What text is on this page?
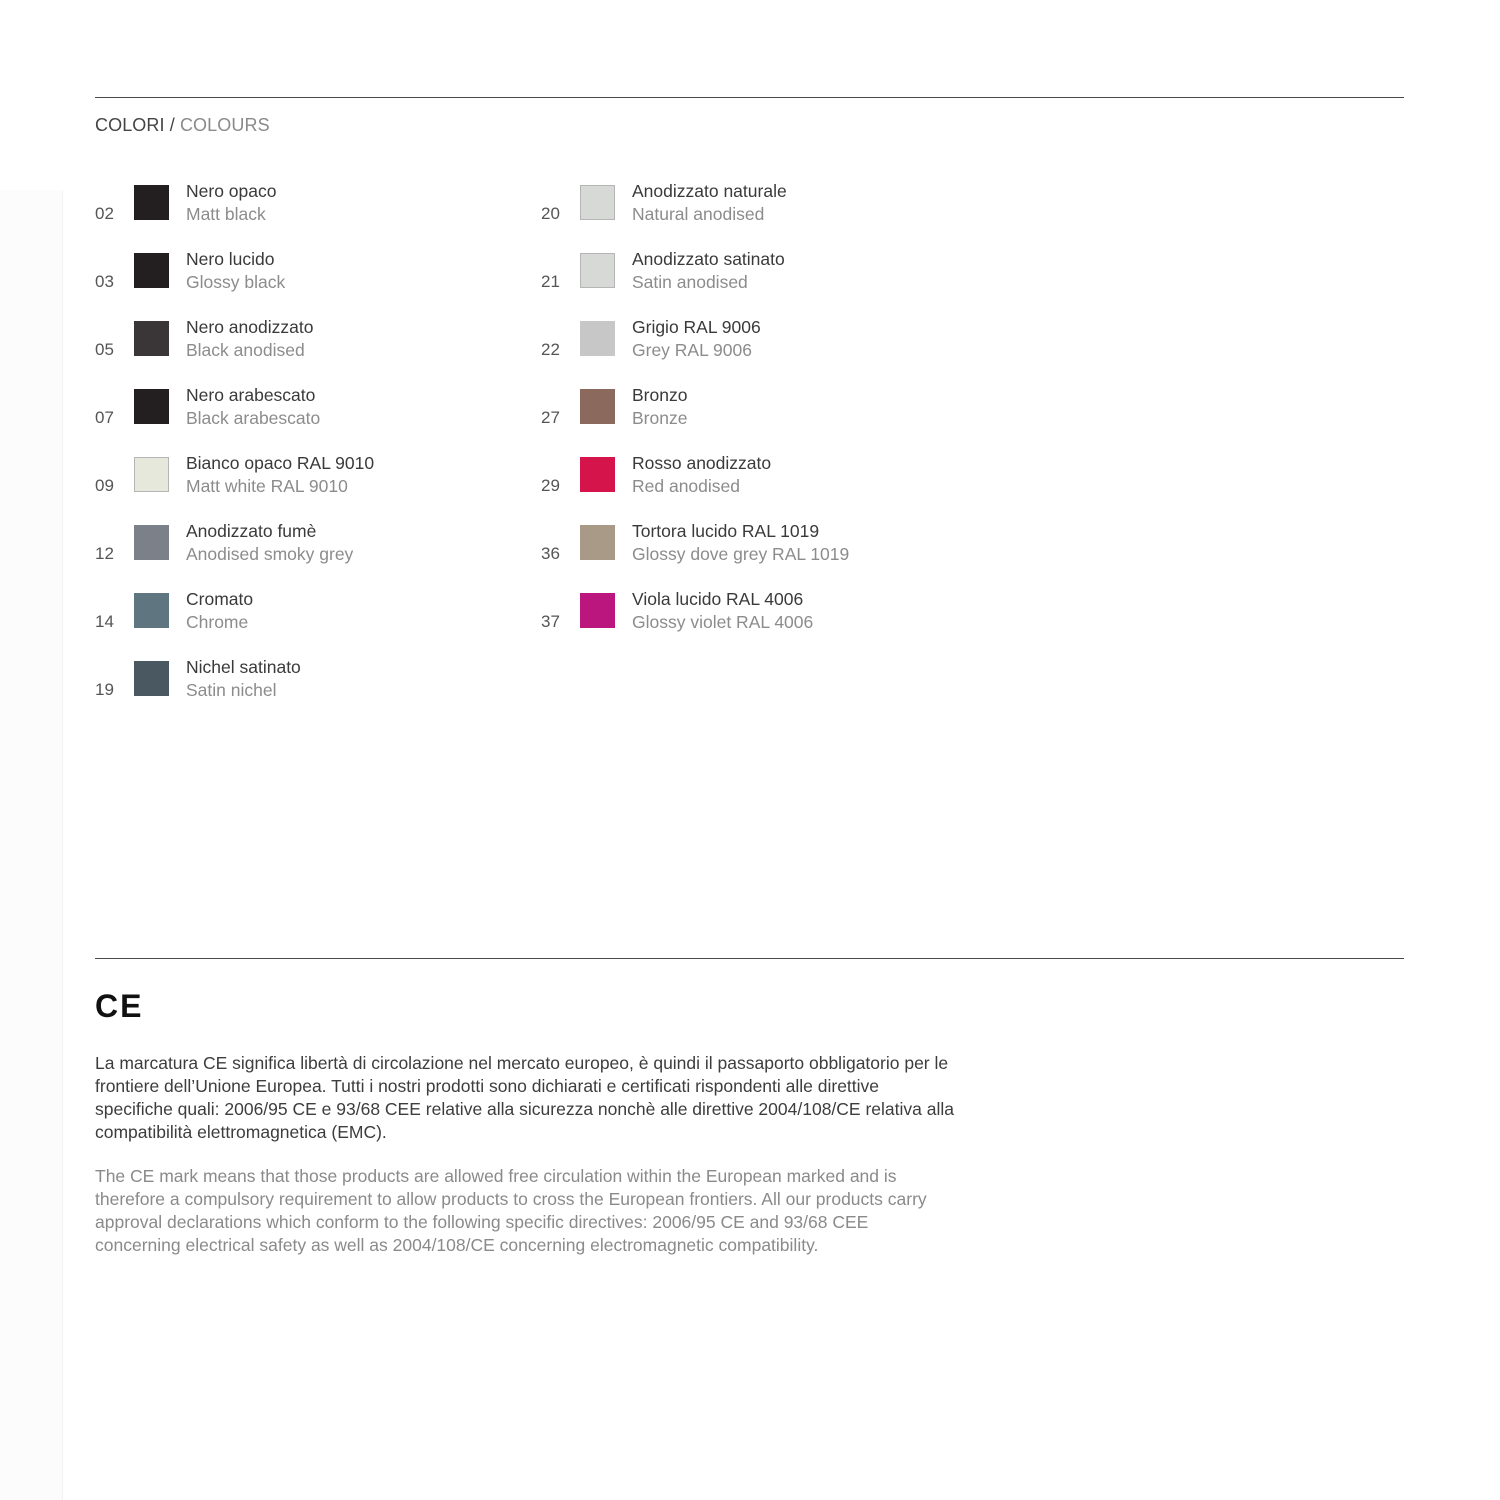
COLORI / COLOURS
02
Nero opaco
Matt black
03
Nero lucido
Glossy black
05
Nero anodizzato
Black anodised
07
Nero arabescato
Black arabescato
09
Bianco opaco RAL 9010
Matt white RAL 9010
12
Anodizzato fumè
Anodised smoky grey
14
Cromato
Chrome
19
Nichel satinato
Satin nichel
20
Anodizzato naturale
Natural anodised
21
Anodizzato satinato
Satin anodised
22
Grigio RAL 9006
Grey RAL 9006
27
Bronzo
Bronze
29
Rosso anodizzato
Red anodised
36
Tortora lucido RAL 1019
Glossy dove grey RAL 1019
37
Viola lucido RAL 4006
Glossy violet RAL 4006
CE

La marcatura CE significa libertà di circolazione nel mercato europeo, è quindi il passaporto obbligatorio per le frontiere dell’Unione Europea. Tutti i nostri prodotti sono dichiarati e certificati rispondenti alle direttive specifiche quali: 2006/95 CE e 93/68 CEE relative alla sicurezza nonchè alle direttive 2004/108/CE relativa alla compatibilità elettromagnetica (EMC).

The CE mark means that those products are allowed free circulation within the European marked and is therefore a compulsory requirement to allow products to cross the European frontiers. All our products carry approval declarations which conform to the following specific directives: 2006/95 CE and 93/68 CEE concerning electrical safety as well as 2004/108/CE concerning electromagnetic compatibility.
